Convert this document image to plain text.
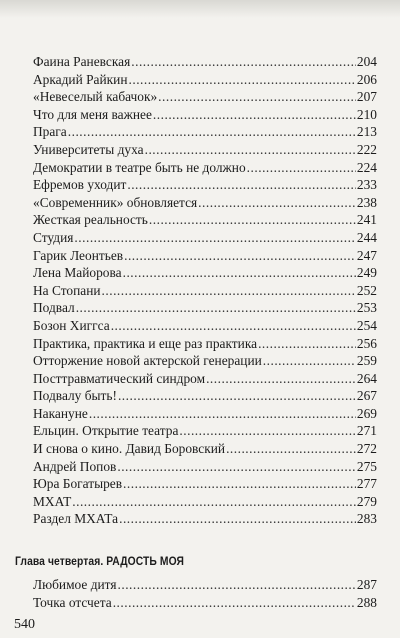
Фаина Раневская .....	204
Аркадий Райкин .....	206
«Невеселый кабачок» .....	207
Что для меня важнее .....	210
Прага .....	213
Университеты духа .....	222
Демократии в театре быть не должно .....	224
Ефремов уходит .....	233
«Современник» обновляется .....	238
Жесткая реальность .....	241
Студия .....	244
Гарик Леонтьев .....	247
Лена Майорова .....	249
На Стопани .....	252
Подвал .....	253
Бозон Хиггса .....	254
Практика, практика и еще раз практика .....	256
Отторжение новой актерской генерации .....	259
Посттравматический синдром .....	264
Подвалу быть! .....	267
Накануне .....	269
Ельцин. Открытие театра .....	271
И снова о кино. Давид Боровский .....	272
Андрей Попов .....	275
Юра Богатырев .....	277
МХАТ .....	279
Раздел МХАТа .....	283
Глава четвертая. РАДОСТЬ МОЯ
Любимое дитя .....	287
Точка отсчета .....	288
540
